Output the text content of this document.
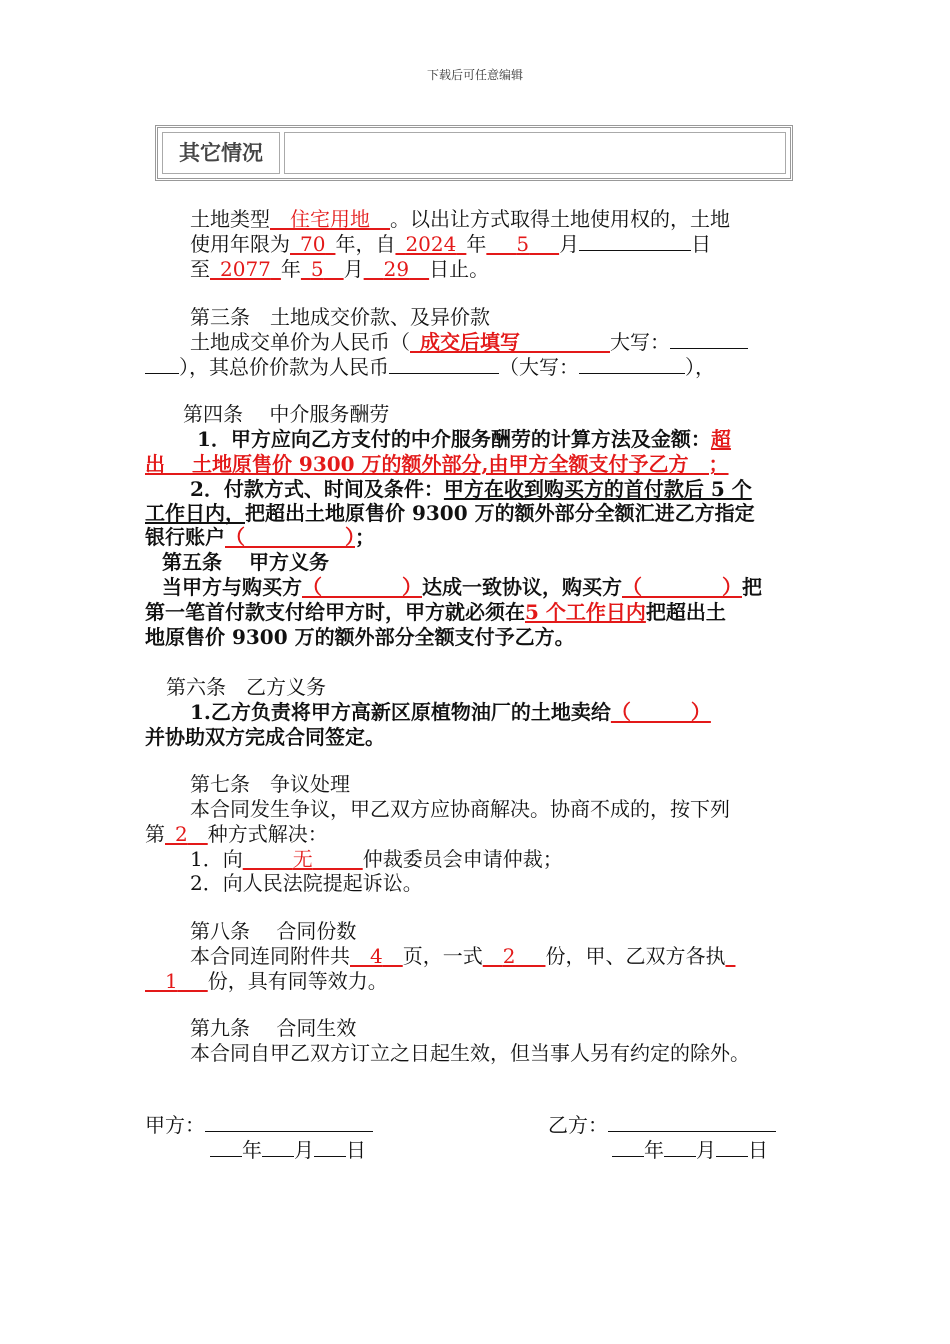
下载后可任意编辑
其它情况
土地类型　 住宅用地　 。以出让方式取得土地使用权的，土地
使用年限为  70  年，自  2024  年　  5　  月	日
至  2077  年  5   月   29   日止。
第三条　土地成交价款、及异价款
土地成交单价为人民币（  成交后填写　　　　 	大写：
），其总价价款为人民币	（大写：	），
第四条　 中介服务酬劳
1．甲方应向乙方支付的中介服务酬劳的计算方法及金额：超
出　 土地原售价 9300 万的额外部分,由甲方全额支付予乙方　；
2．付款方式、时间及条件：甲方在收到购买方的首付款后 5 个
工作日内，把超出土地原售价 9300 万的额外部分全额汇进乙方指定
银行账户（　　　　　）；
第五条　 甲方义务
当甲方与购买方（　　　　）达成一致协议，购买方（　　　　）把
第一笔首付款支付给甲方时，甲方就必须在5 个工作日内把超出土
地原售价 9300 万的额外部分全额支付予乙方。
第六条　乙方义务
1.乙方负责将甲方高新区原植物油厂的土地卖给（　　　）
并协助双方完成合同签定。
第七条　争议处理
本合同发生争议，甲乙双方应协商解决。协商不成的，按下列
第  2   种方式解决：
1．向　　 	无　　 	仲裁委员会申请仲裁；
2．向人民法院提起诉讼。
第八条　 合同份数
本合同连同附件共　 4　 页，一式   2　  份，甲、乙双方各执 
  1　  份，具有同等效力。
第九条　 合同生效
本合同自甲乙双方订立之日起生效，但当事人另有约定的除外。
甲方：
年 月 日
乙方：
年 月 日
